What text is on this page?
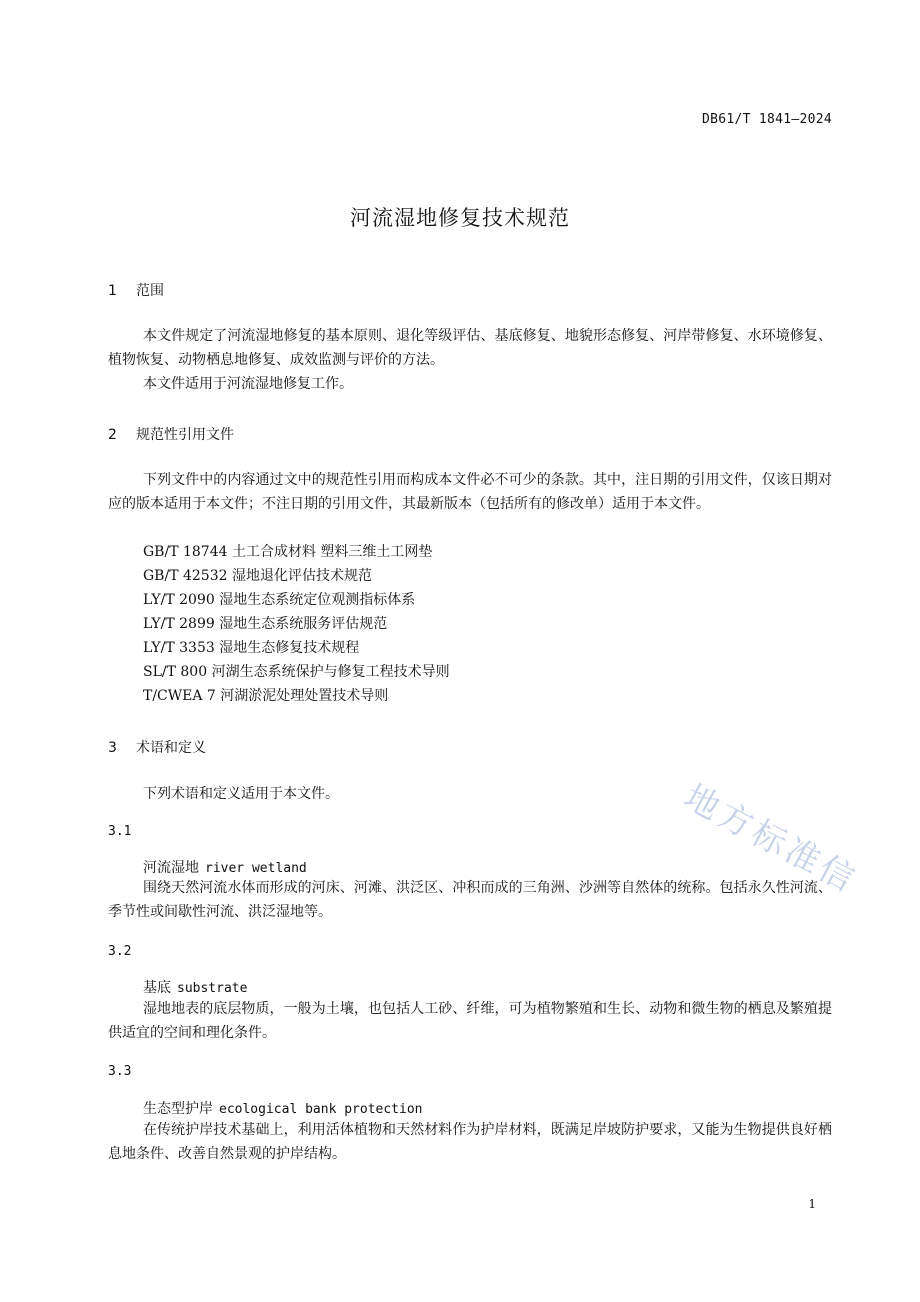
DB61/T 1841—2024
河流湿地修复技术规范
1 范围
本文件规定了河流湿地修复的基本原则、退化等级评估、基底修复、地貌形态修复、河岸带修复、水环境修复、植物恢复、动物栖息地修复、成效监测与评价的方法。
本文件适用于河流湿地修复工作。
2 规范性引用文件
下列文件中的内容通过文中的规范性引用而构成本文件必不可少的条款。其中，注日期的引用文件，仅该日期对应的版本适用于本文件；不注日期的引用文件，其最新版本（包括所有的修改单）适用于本文件。
GB/T 18744 土工合成材料 塑料三维土工网垫
GB/T 42532 湿地退化评估技术规范
LY/T 2090 湿地生态系统定位观测指标体系
LY/T 2899 湿地生态系统服务评估规范
LY/T 3353 湿地生态修复技术规程
SL/T 800 河湖生态系统保护与修复工程技术导则
T/CWEA 7 河湖淤泥处理处置技术导则
3 术语和定义
下列术语和定义适用于本文件。
3.1
河流湿地 river wetland
围绕天然河流水体而形成的河床、河滩、洪泛区、冲积而成的三角洲、沙洲等自然体的统称。包括永久性河流、季节性或间歇性河流、洪泛湿地等。
3.2
基底 substrate
湿地地表的底层物质，一般为土壤，也包括人工砂、纤维，可为植物繁殖和生长、动物和微生物的栖息及繁殖提供适宜的空间和理化条件。
3.3
生态型护岸 ecological bank protection
在传统护岸技术基础上，利用活体植物和天然材料作为护岸材料，既满足岸坡防护要求，又能为生物提供良好栖息地条件、改善自然景观的护岸结构。
地方标准信
1
